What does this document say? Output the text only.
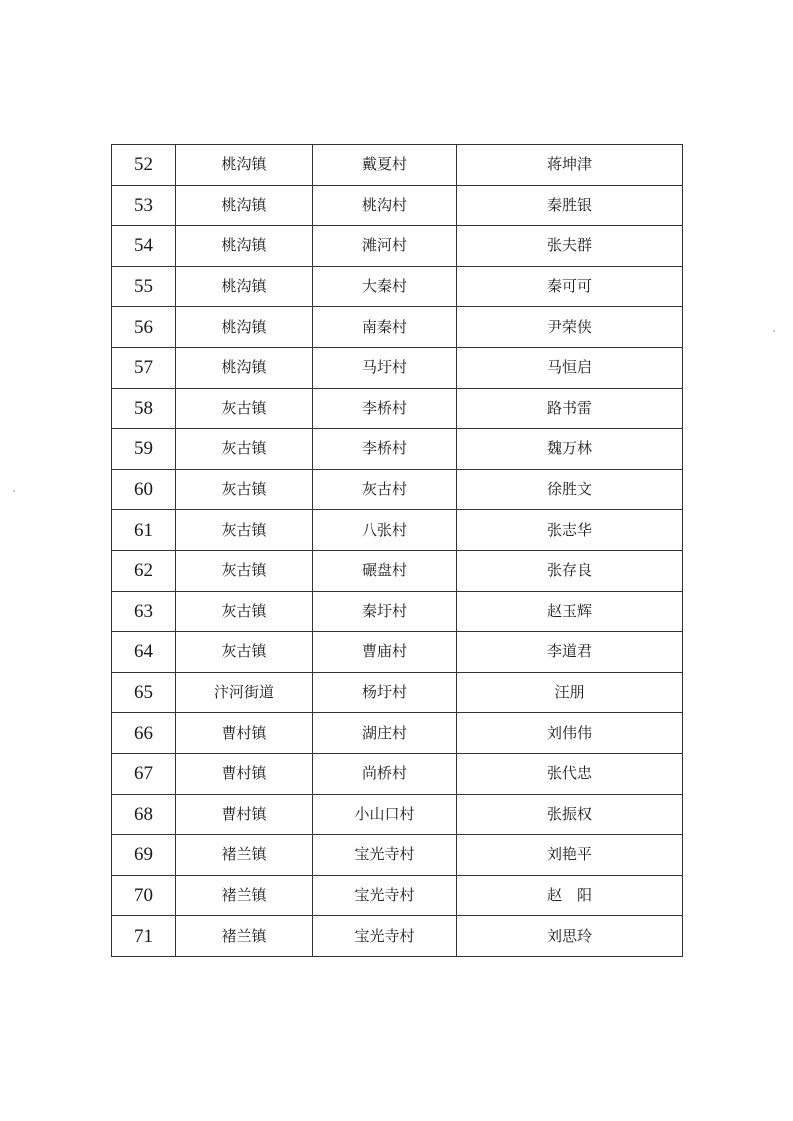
52	桃沟镇	戴夏村	蒋坤津
53	桃沟镇	桃沟村	秦胜银
54	桃沟镇	滩河村	张夫群
55	桃沟镇	大秦村	秦可可
56	桃沟镇	南秦村	尹荣侠
57	桃沟镇	马圩村	马恒启
58	灰古镇	李桥村	路书雷
59	灰古镇	李桥村	魏万林
60	灰古镇	灰古村	徐胜文
61	灰古镇	八张村	张志华
62	灰古镇	碾盘村	张存良
63	灰古镇	秦圩村	赵玉辉
64	灰古镇	曹庙村	李道君
65	汴河街道	杨圩村	汪朋
66	曹村镇	湖庄村	刘伟伟
67	曹村镇	尚桥村	张代忠
68	曹村镇	小山口村	张振权
69	褚兰镇	宝光寺村	刘艳平
70	褚兰镇	宝光寺村	赵　阳
71	褚兰镇	宝光寺村	刘思玲
